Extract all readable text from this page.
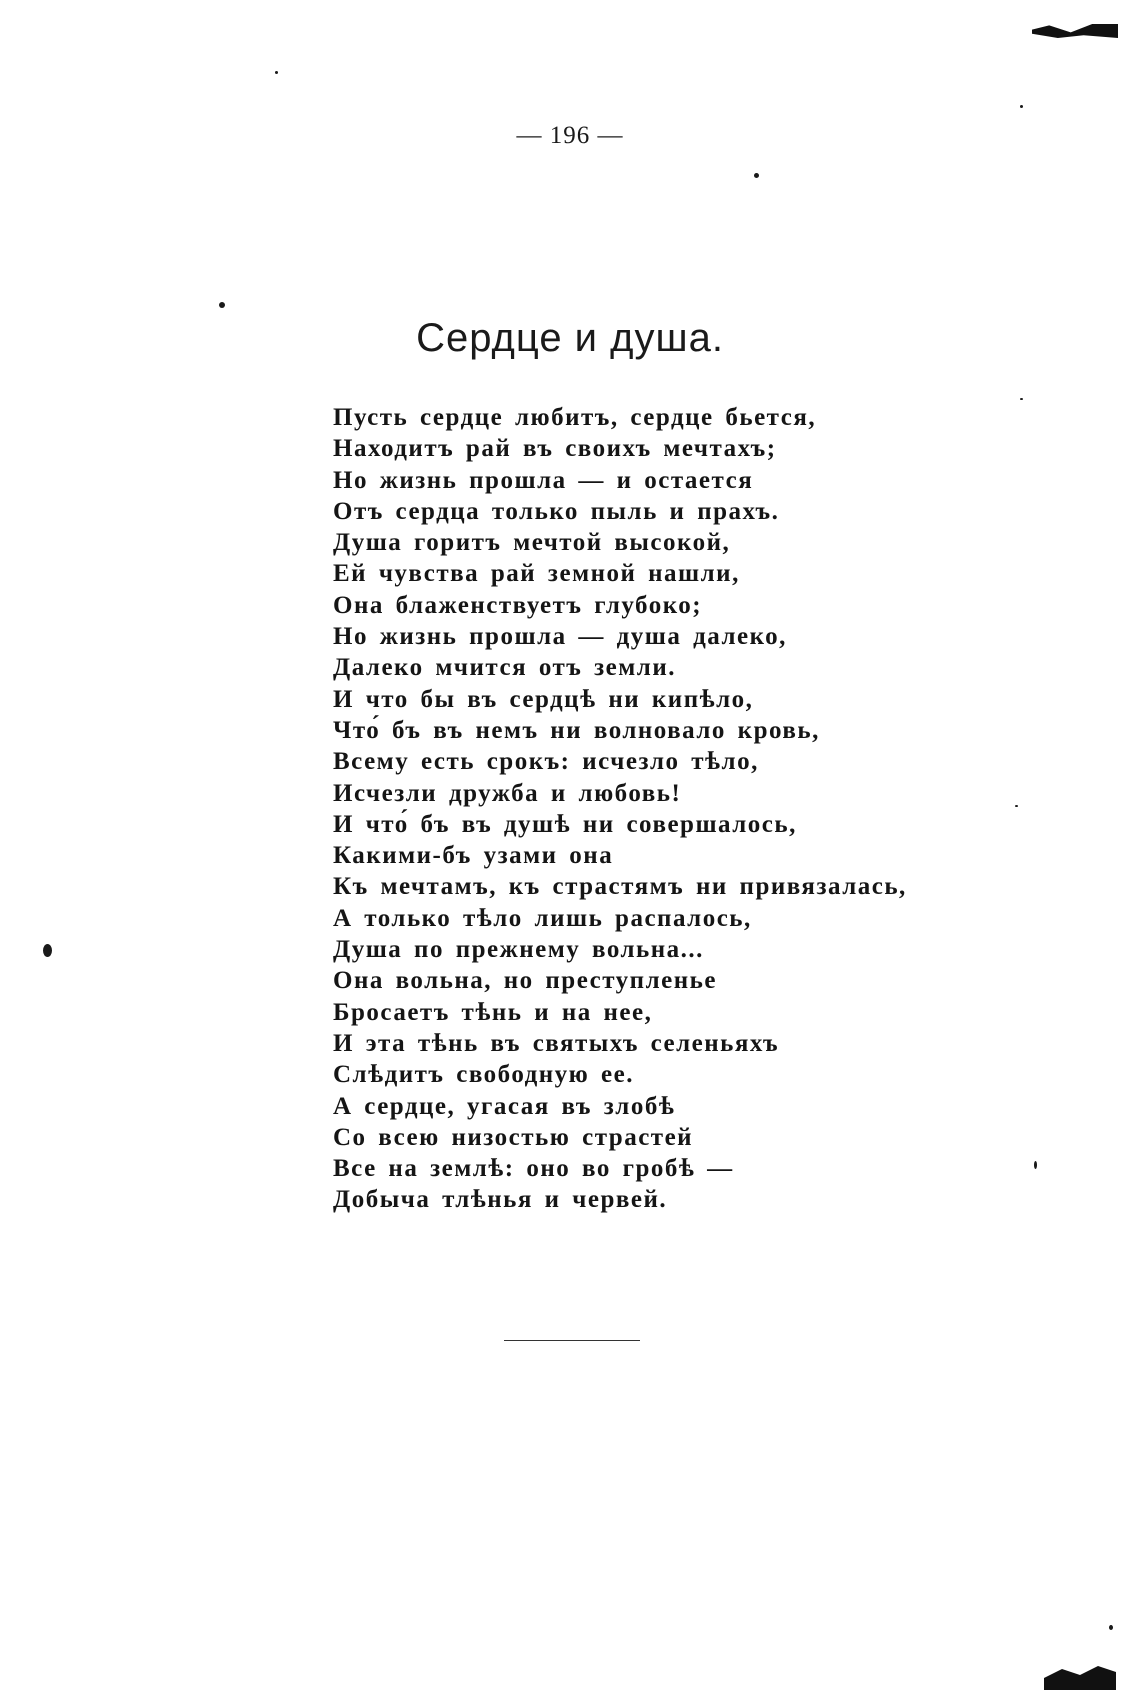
— 196 —
Сердце и душа.
Пусть сердце любитъ, сердце бьется,
Находитъ рай въ своихъ мечтахъ;
Но жизнь прошла — и остается
Отъ сердца только пыль и прахъ.
Душа горитъ мечтой высокой,
Ей чувства рай земной нашли,
Она блаженствуетъ глубоко;
Но жизнь прошла — душа далеко,
Далеко мчится отъ земли.
И что бы въ сердцѣ ни кипѣло,
Что́ бъ въ немъ ни волновало кровь,
Всему есть срокъ: исчезло тѣло,
Исчезли дружба и любовь!
И что́ бъ въ душѣ ни совершалось,
Какими-бъ узами она
Къ мечтамъ, къ страстямъ ни привязалась,
А только тѣло лишь распалось,
Душа по прежнему вольна...
Она вольна, но преступленье
Бросаетъ тѣнь и на нее,
И эта тѣнь въ святыхъ селеньяхъ
Слѣдитъ свободную ее.
А сердце, угасая въ злобѣ
Со всею низостью страстей
Все на землѣ: оно во гробѣ —
Добыча тлѣнья и червей.
